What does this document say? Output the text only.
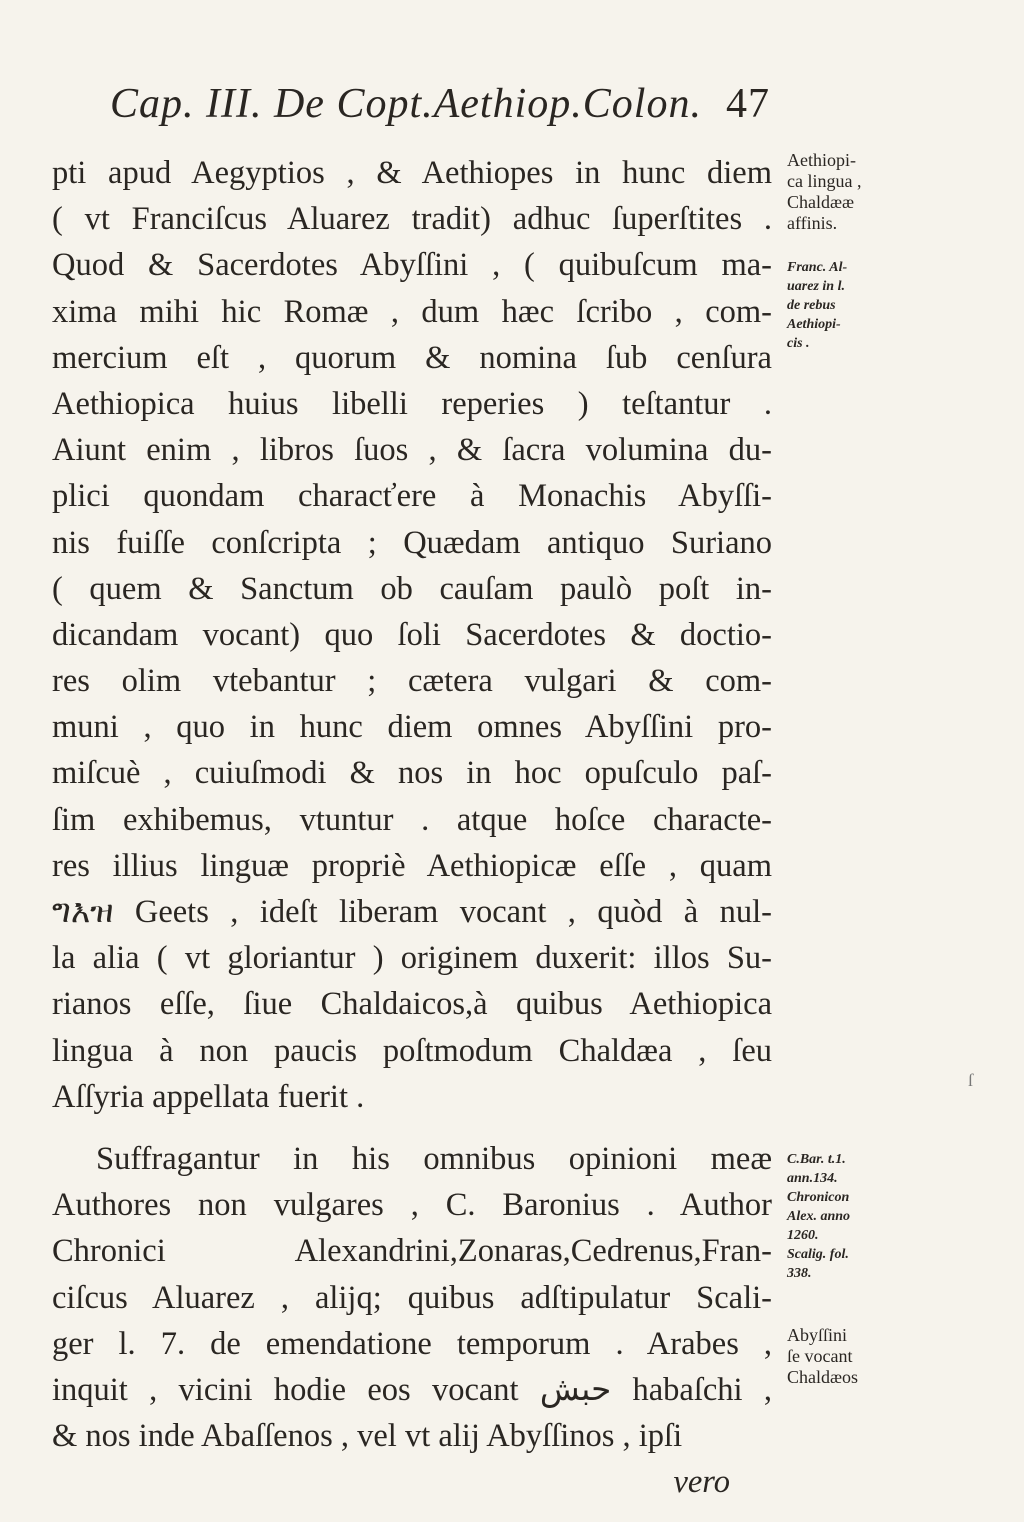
Cap. III. De Copt.Aethiop.Colon. 47
pti apud Aegyptios , & Aethiopes in hunc diem
( vt Franciſcus Aluarez tradit) adhuc ſuperſtites .
Quod & Sacerdotes Abyſſini , ( quibuſcum ma-
xima mihi hic Romæ , dum hæc ſcribo , com-
mercium eſt , quorum & nomina ſub cenſura
Aethiopica huius libelli reperies ) teſtantur .
Aiunt enim , libros ſuos , & ſacra volumina du-
plici quondam characťere à Monachis Abyſſi-
nis fuiſſe conſcripta ; Quædam antiquo Suriano
( quem & Sanctum ob cauſam paulò poſt in-
dicandam vocant) quo ſoli Sacerdotes & doctio-
res olim vtebantur ; cætera vulgari & com-
muni , quo in hunc diem omnes Abyſſini pro-
miſcuè , cuiuſmodi & nos in hoc opuſculo paſ-
ſim exhibemus, vtuntur . atque hoſce characte-
res illius linguæ propriè Aethiopicæ eſſe , quam
ግእዝ Geets , ideſt liberam vocant , quòd à nul-
la alia ( vt gloriantur ) originem duxerit: illos Su-
rianos eſſe, ſiue Chaldaicos,à quibus Aethiopica
lingua à non paucis poſtmodum Chaldæa , ſeu
Aſſyria appellata fuerit .
Suffragantur in his omnibus opinioni meæ
Authores non vulgares , C. Baronius . Author
Chronici Alexandrini,Zonaras,Cedrenus,Fran-
ciſcus Aluarez , alijq; quibus adſtipulatur Scali-
ger l. 7. de emendatione temporum . Arabes ,
inquit , vicini hodie eos vocant حبش habaſchi ,
& nos inde Abaſſenos , vel vt alij Abyſſinos , ipſi
vero
Aethiopi-
ca lingua ,
Chaldææ
affinis.
Franc. Al-
uarez in l.
de rebus
Aethiopi-
cis .
C.Bar. t.1.
ann.134.
Chronicon
Alex. anno
1260.
Scalig. fol.
338.
Abyſſini
ſe vocant
Chaldæos
ſ
